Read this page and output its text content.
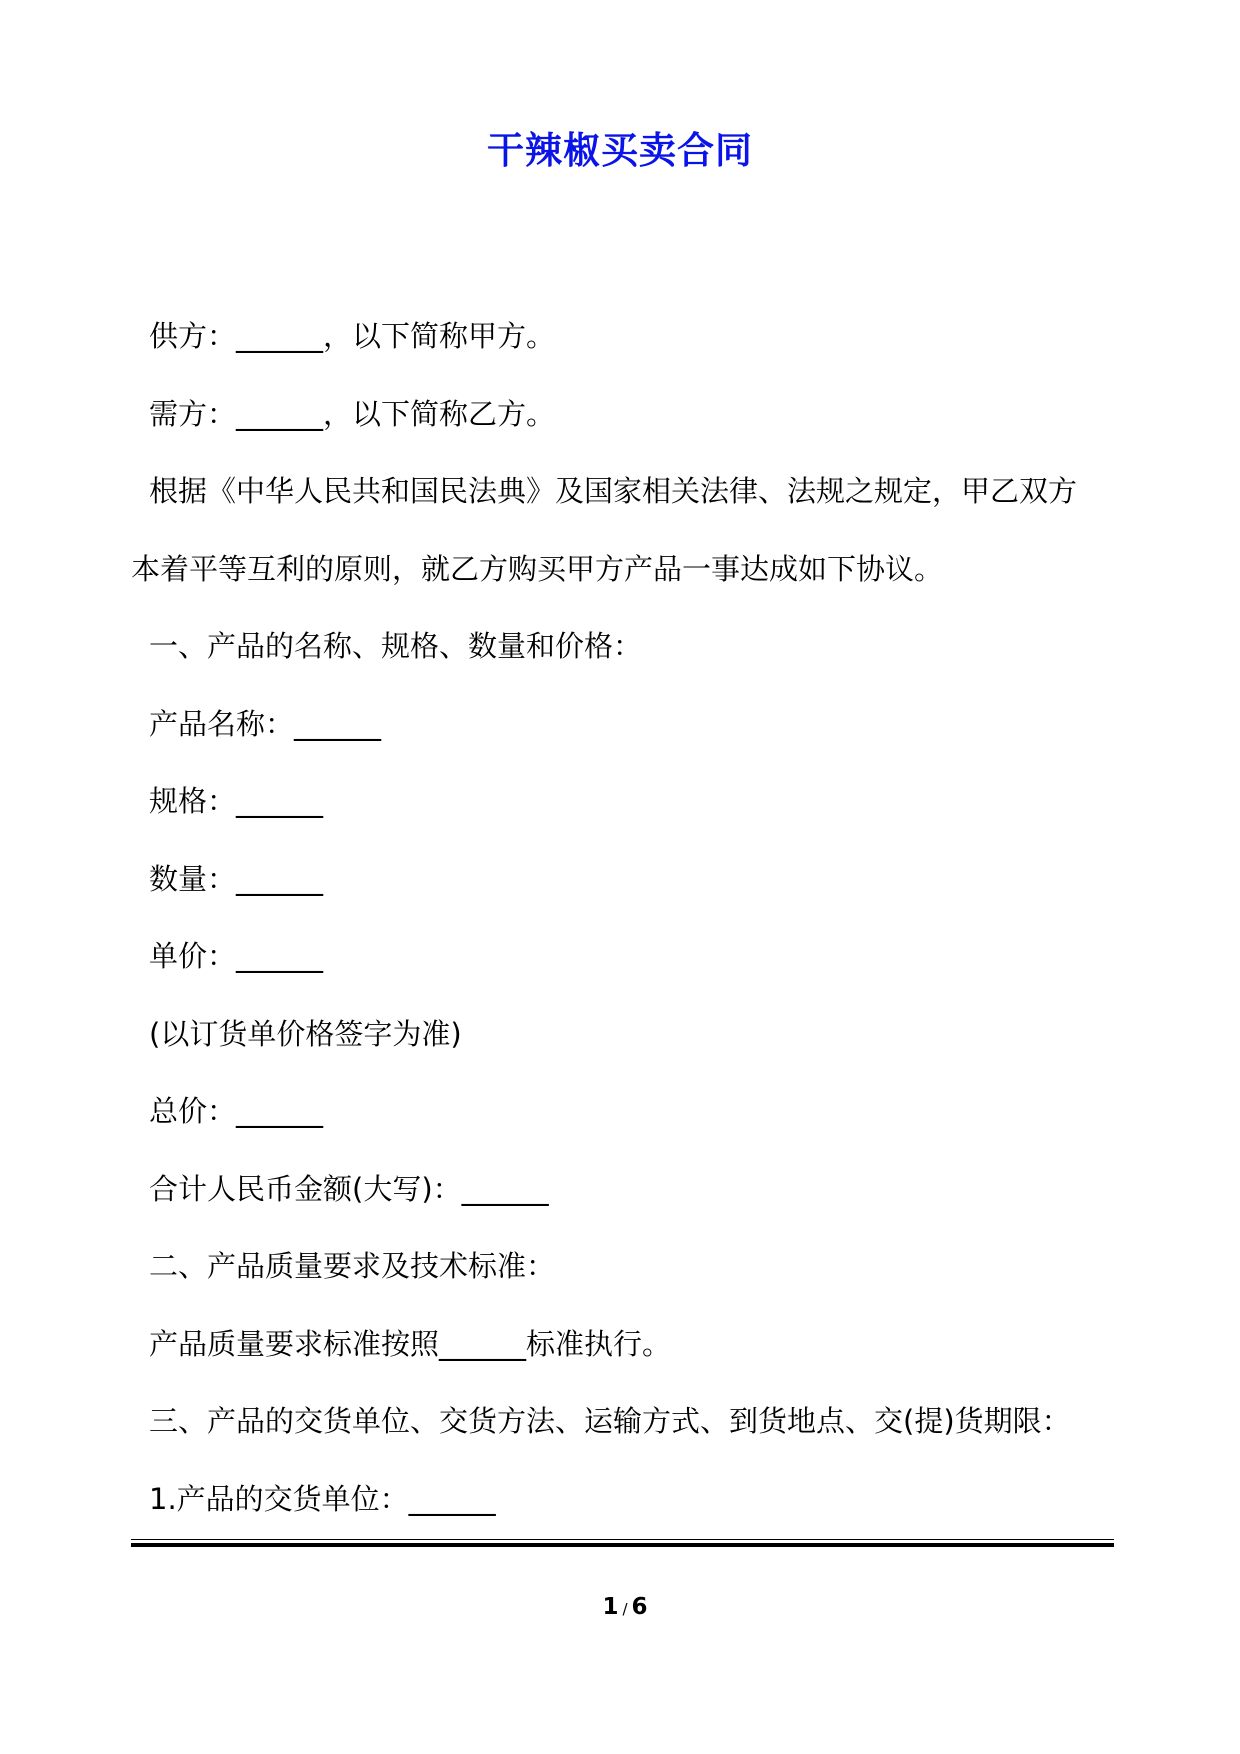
干辣椒买卖合同
供方：______，以下简称甲方。
需方：______，以下简称乙方。
根据《中华人民共和国民法典》及国家相关法律、法规之规定，甲乙双方
本着平等互利的原则，就乙方购买甲方产品一事达成如下协议。
一、产品的名称、规格、数量和价格：
产品名称：______
规格：______
数量：______
单价：______
(以订货单价格签字为准)
总价：______
合计人民币金额(大写)：______
二、产品质量要求及技术标准：
产品质量要求标准按照______标准执行。
三、产品的交货单位、交货方法、运输方式、到货地点、交(提)货期限：
1.产品的交货单位：______
1 / 6
